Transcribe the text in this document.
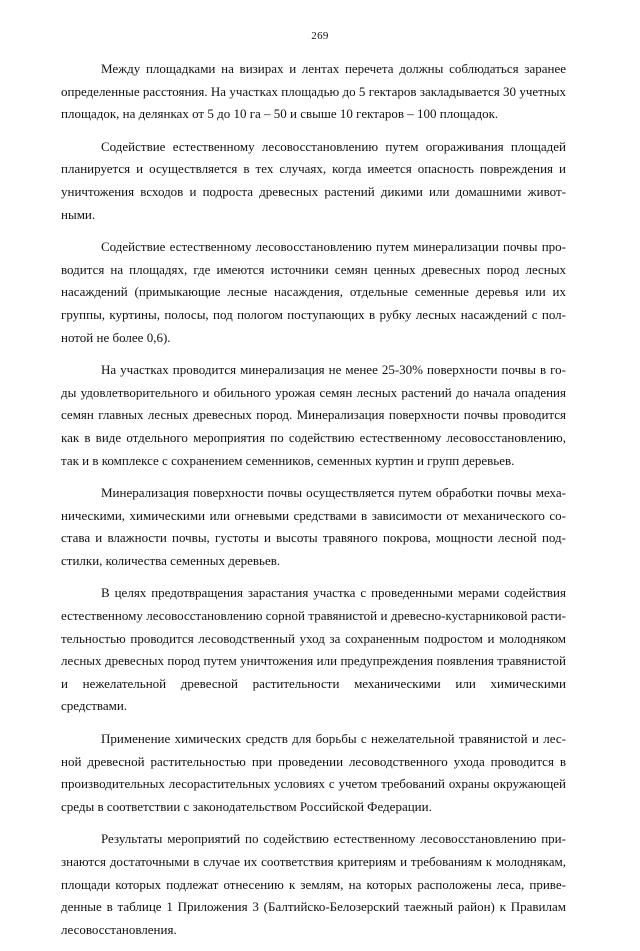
269

Между площадками на визирах и лентах перечета должны соблюдаться заранее определенные расстояния. На участках площадью до 5 гектаров закладывается 30 учетных площадок, на делянках от 5 до 10 га – 50 и свыше 10 гектаров – 100 площадок.

Содействие естественному лесовосстановлению путем огораживания площадей планируется и осуществляется в тех случаях, когда имеется опасность повреждения и уничтожения всходов и подроста древесных растений дикими или домашними животными.

Содействие естественному лесовосстановлению путем минерализации почвы проводится на площадях, где имеются источники семян ценных древесных пород лесных насаждений (примыкающие лесные насаждения, отдельные семенные деревья или их группы, куртины, полосы, под пологом поступающих в рубку лесных насаждений с полнотой не более 0,6).

На участках проводится минерализация не менее 25-30% поверхности почвы в годы удовлетворительного и обильного урожая семян лесных растений до начала опадения семян главных лесных древесных пород. Минерализация поверхности почвы проводится как в виде отдельного мероприятия по содействию естественному лесовосстановлению, так и в комплексе с сохранением семенников, семенных куртин и групп деревьев.

Минерализация поверхности почвы осуществляется путем обработки почвы механическими, химическими или огневыми средствами в зависимости от механического состава и влажности почвы, густоты и высоты травяного покрова, мощности лесной подстилки, количества семенных деревьев.

В целях предотвращения зарастания участка с проведенными мерами содействия естественному лесовосстановлению сорной травянистой и древесно-кустарниковой растительностью проводится лесоводственный уход за сохраненным подростом и молодняком лесных древесных пород путем уничтожения или предупреждения появления травянистой и нежелательной древесной растительности механическими или химическими средствами.

Применение химических средств для борьбы с нежелательной травянистой и лесной древесной растительностью при проведении лесоводственного ухода проводится в производительных лесорастительных условиях с учетом требований охраны окружающей среды в соответствии с законодательством Российской Федерации.

Результаты мероприятий по содействию естественному лесовосстановлению признаются достаточными в случае их соответствия критериям и требованиям к молоднякам, площади которых подлежат отнесению к землям, на которых расположены леса, приведенные в таблице 1 Приложения 3 (Балтийско-Белозерский таежный район) к Правилам лесовосстановления.
